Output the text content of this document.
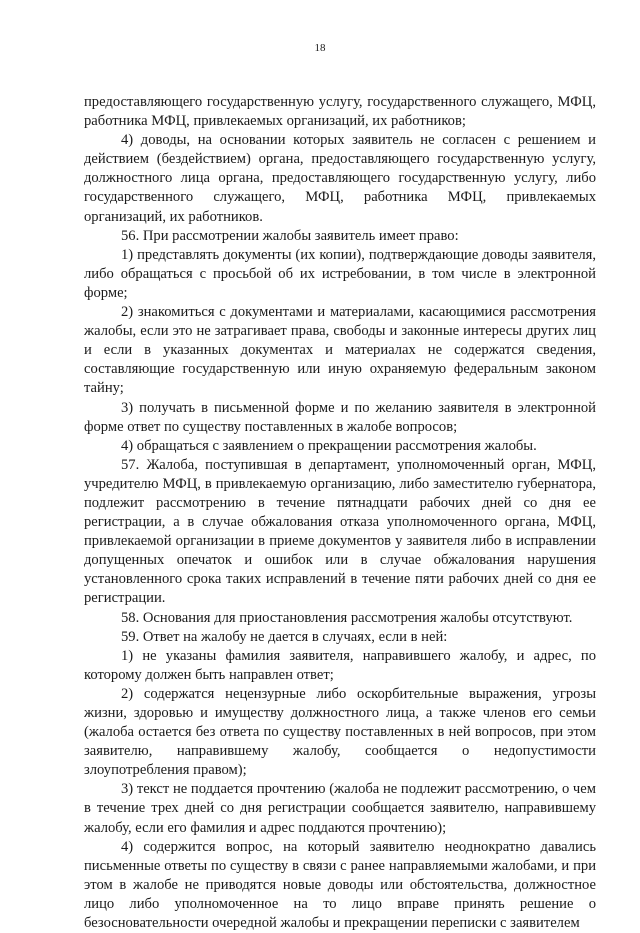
18

предоставляющего государственную услугу, государственного служащего, МФЦ, работника МФЦ, привлекаемых организаций, их работников;

4) доводы, на основании которых заявитель не согласен с решением и действием (бездействием) органа, предоставляющего государственную услугу, должностного лица органа, предоставляющего государственную услугу, либо государственного служащего, МФЦ, работника МФЦ, привлекаемых организаций, их работников.

56. При рассмотрении жалобы заявитель имеет право:

1) представлять документы (их копии), подтверждающие доводы заявителя, либо обращаться с просьбой об их истребовании, в том числе в электронной форме;

2) знакомиться с документами и материалами, касающимися рассмотрения жалобы, если это не затрагивает права, свободы и законные интересы других лиц и если в указанных документах и материалах не содержатся сведения, составляющие государственную или иную охраняемую федеральным законом тайну;

3) получать в письменной форме и по желанию заявителя в электронной форме ответ по существу поставленных в жалобе вопросов;

4) обращаться с заявлением о прекращении рассмотрения жалобы.

57. Жалоба, поступившая в департамент, уполномоченный орган, МФЦ, учредителю МФЦ, в привлекаемую организацию, либо заместителю губернатора, подлежит рассмотрению в течение пятнадцати рабочих дней со дня ее регистрации, а в случае обжалования отказа уполномоченного органа, МФЦ, привлекаемой организации в приеме документов у заявителя либо в исправлении допущенных опечаток и ошибок или в случае обжалования нарушения установленного срока таких исправлений в течение пяти рабочих дней со дня ее регистрации.

58. Основания для приостановления рассмотрения жалобы отсутствуют.

59. Ответ на жалобу не дается в случаях, если в ней:

1) не указаны фамилия заявителя, направившего жалобу, и адрес, по которому должен быть направлен ответ;

2) содержатся нецензурные либо оскорбительные выражения, угрозы жизни, здоровью и имуществу должностного лица, а также членов его семьи (жалоба остается без ответа по существу поставленных в ней вопросов, при этом заявителю, направившему жалобу, сообщается о недопустимости злоупотребления правом);

3) текст не поддается прочтению (жалоба не подлежит рассмотрению, о чем в течение трех дней со дня регистрации сообщается заявителю, направившему жалобу, если его фамилия и адрес поддаются прочтению);

4) содержится вопрос, на который заявителю неоднократно давались письменные ответы по существу в связи с ранее направляемыми жалобами, и при этом в жалобе не приводятся новые доводы или обстоятельства, должностное лицо либо уполномоченное на то лицо вправе принять решение о безосновательности очередной жалобы и прекращении переписки с заявителем
